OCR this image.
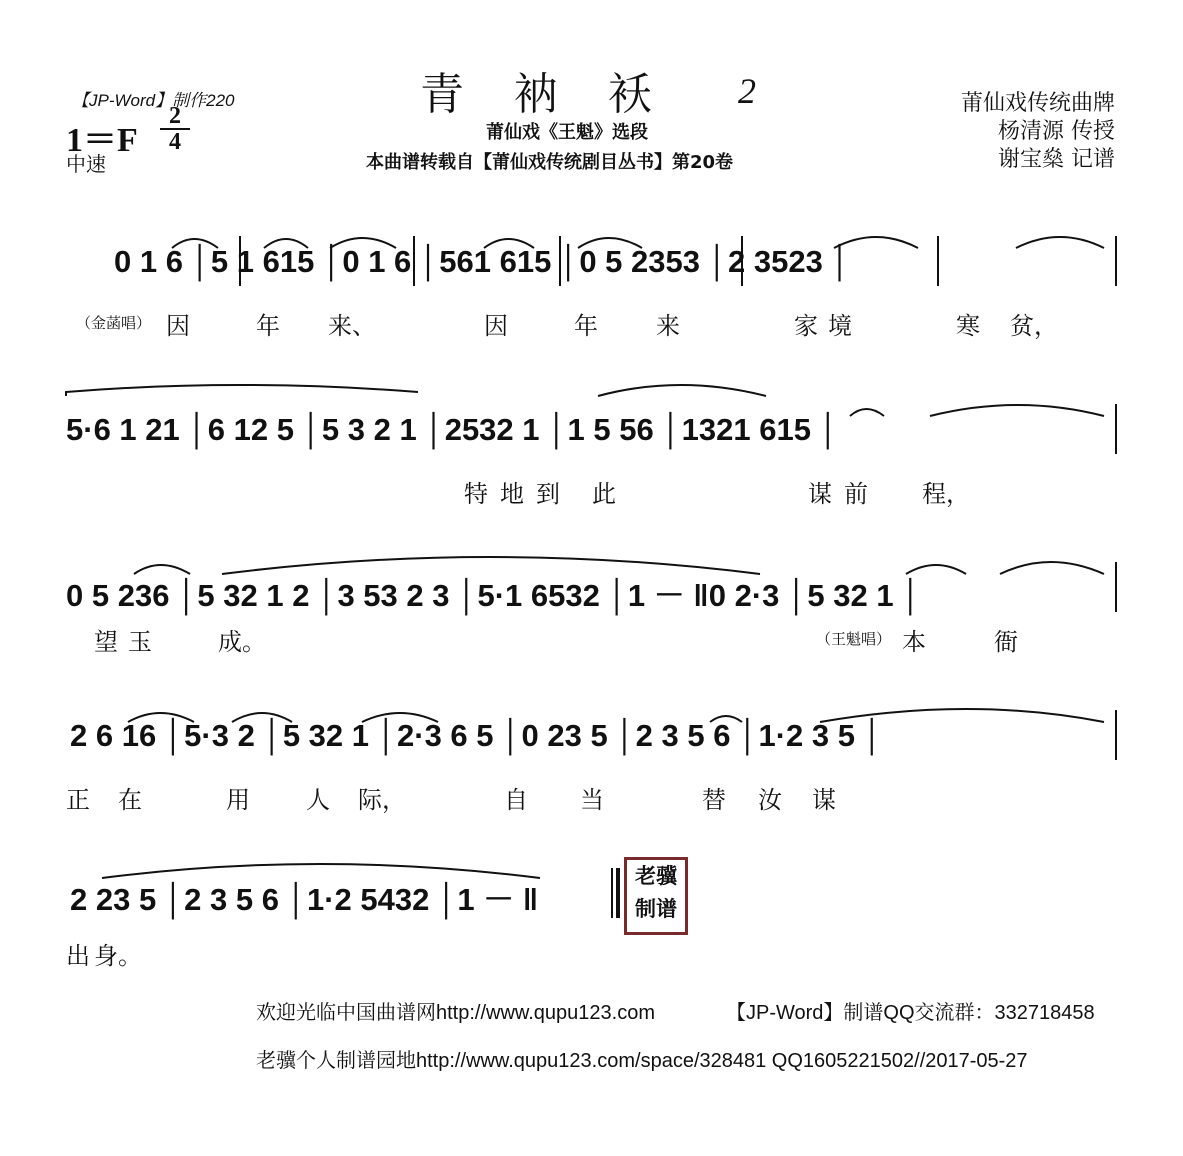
【JP-Word】制作220
1＝F
2
4
中速
青衲袄 2
莆仙戏《王魁》选段
本曲谱转载自【莆仙戏传统剧目丛书】第20卷
莆仙戏传统曲牌
杨清源 传授
谢宝燊 记谱
0 1 6 │5 1 615 │0 1 6 │561 615 │0 5 2353 │2 3523 │
（金菡唱） 因	年 来、	因	年 来	家 境	寒 贫，
5·6 1 21 │6 12 5 │5 3 2 1 │2532 1 │1 5 56 │1321 615 │
特 地 到 此	谋 前 程，
0 5 236 │5 32 1 2 │3 53 2 3 │5·1 6532 │1 － ‖0 2·3 │5 32 1 │
望 玉	成。	（王魁唱） 本	衙
2 6 16 │5·3 2 │5 32 1 │2·3 6 5 │0 23 5 │2 3 5 6 │1·2 3 5 │
正 在	用 人 际，	自 当	替 汝 谋
2 23 5 │2 3 5 6 │1·2 5432 │1 － ‖
出 身。
老骥
制谱
欢迎光临中国曲谱网http://www.qupu123.com	【JP-Word】制谱QQ交流群：332718458
老骥个人制谱园地http://www.qupu123.com/space/328481 QQ1605221502//2017-05-27
